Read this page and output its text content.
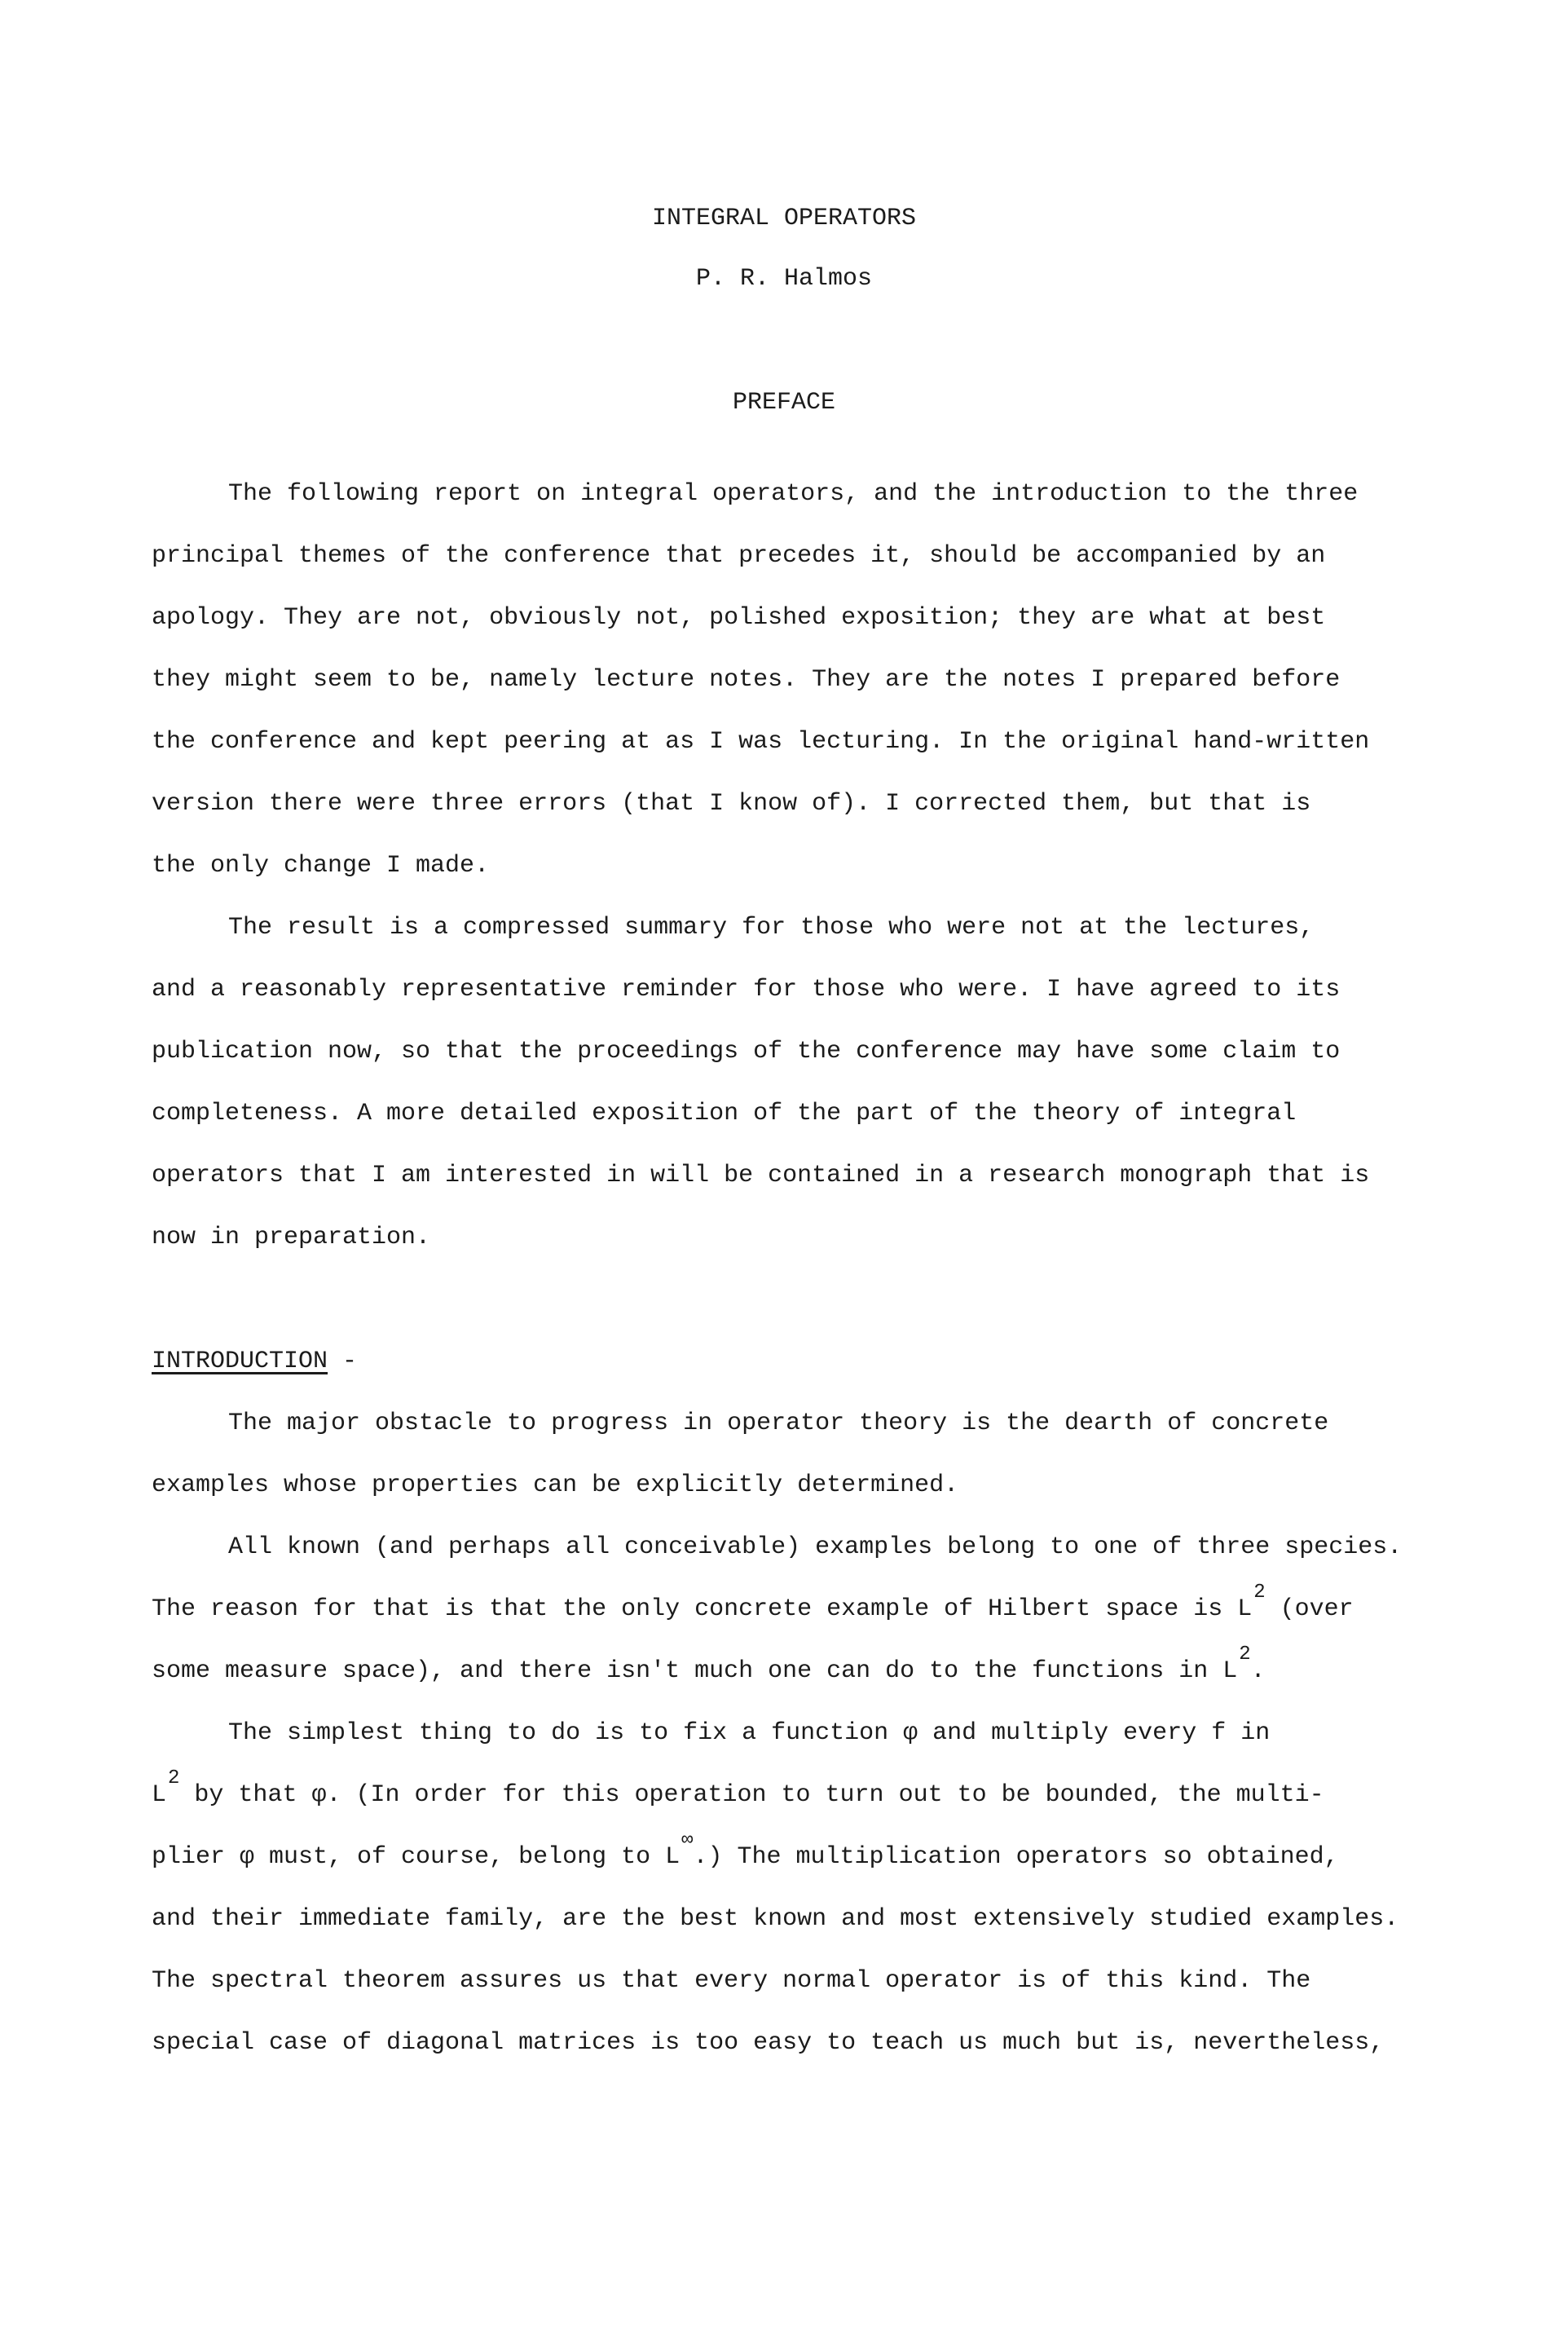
INTEGRAL OPERATORS
P. R. Halmos
PREFACE
The following report on integral operators, and the introduction to the three
principal themes of the conference that precedes it, should be accompanied by an
apology. They are not, obviously not, polished exposition; they are what at best
they might seem to be, namely lecture notes. They are the notes I prepared before
the conference and kept peering at as I was lecturing. In the original hand-written
version there were three errors (that I know of). I corrected them, but that is
the only change I made.
The result is a compressed summary for those who were not at the lectures,
and a reasonably representative reminder for those who were. I have agreed to its
publication now, so that the proceedings of the conference may have some claim to
completeness. A more detailed exposition of the part of the theory of integral
operators that I am interested in will be contained in a research monograph that is
now in preparation.
INTRODUCTION -
The major obstacle to progress in operator theory is the dearth of concrete
examples whose properties can be explicitly determined.
All known (and perhaps all conceivable) examples belong to one of three species.
The reason for that is that the only concrete example of Hilbert space is $L^2$ (over
some measure space), and there isn't much one can do to the functions in $L^2$.
The simplest thing to do is to fix a function φ and multiply every f in
$L^2$ by that φ. (In order for this operation to turn out to be bounded, the multi-
plier φ must, of course, belong to L∞.) The multiplication operators so obtained,
and their immediate family, are the best known and most extensively studied examples.
The spectral theorem assures us that every normal operator is of this kind. The
special case of diagonal matrices is too easy to teach us much but is, nevertheless,
